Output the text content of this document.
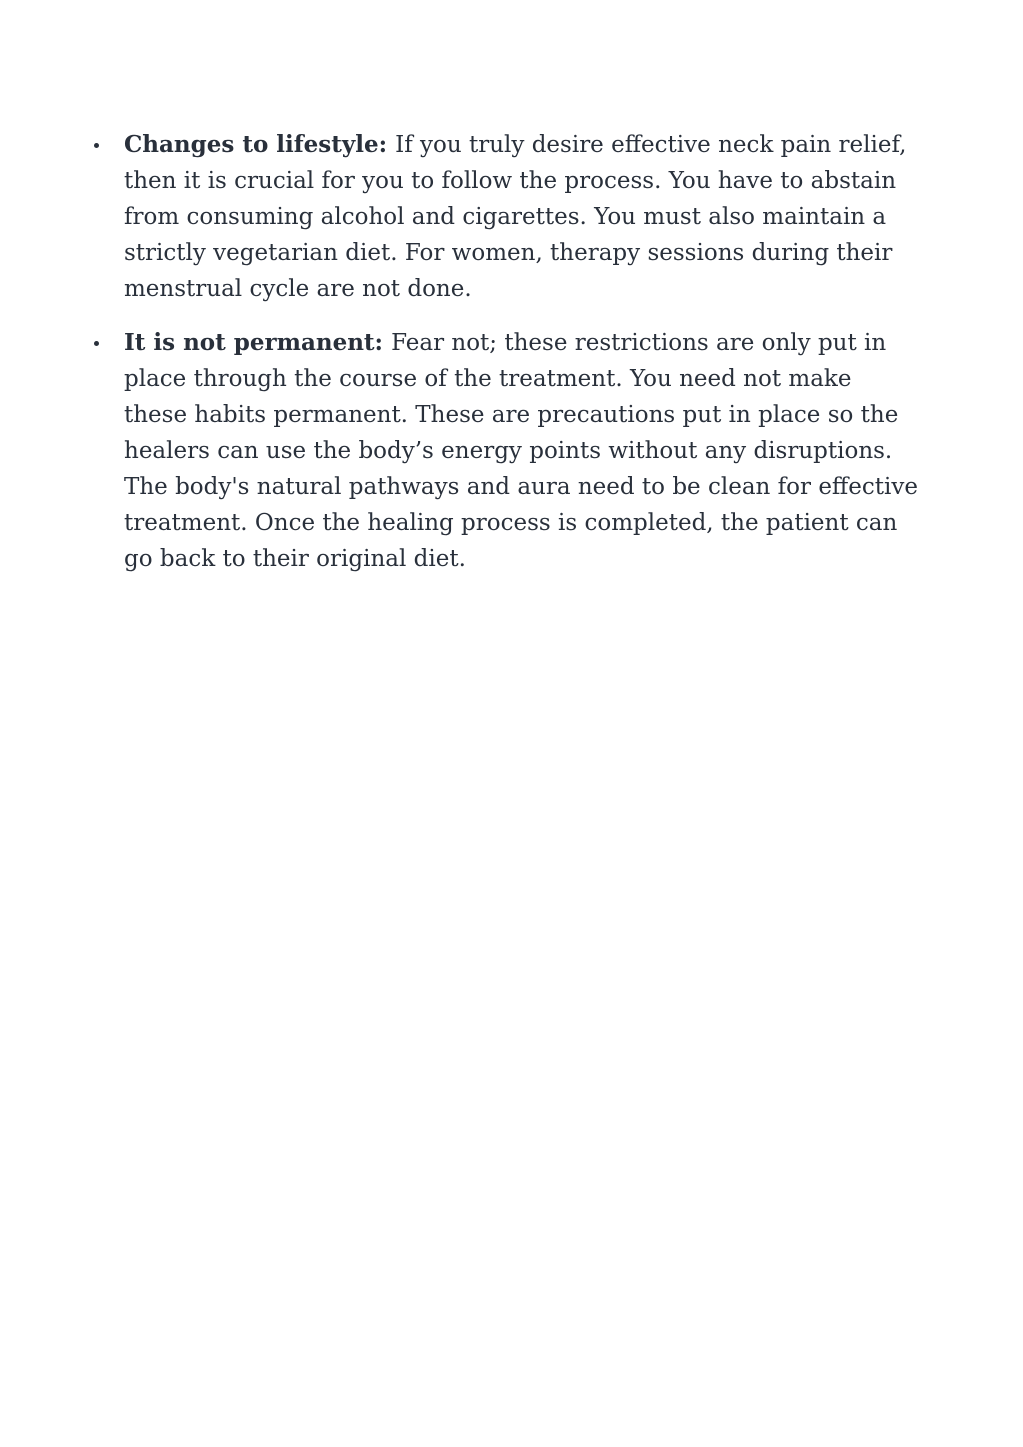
Changes to lifestyle: If you truly desire effective neck pain relief, then it is crucial for you to follow the process. You have to abstain from consuming alcohol and cigarettes. You must also maintain a strictly vegetarian diet. For women, therapy sessions during their menstrual cycle are not done.
It is not permanent: Fear not; these restrictions are only put in place through the course of the treatment. You need not make these habits permanent. These are precautions put in place so the healers can use the body’s energy points without any disruptions. The body's natural pathways and aura need to be clean for effective treatment. Once the healing process is completed, the patient can go back to their original diet.
